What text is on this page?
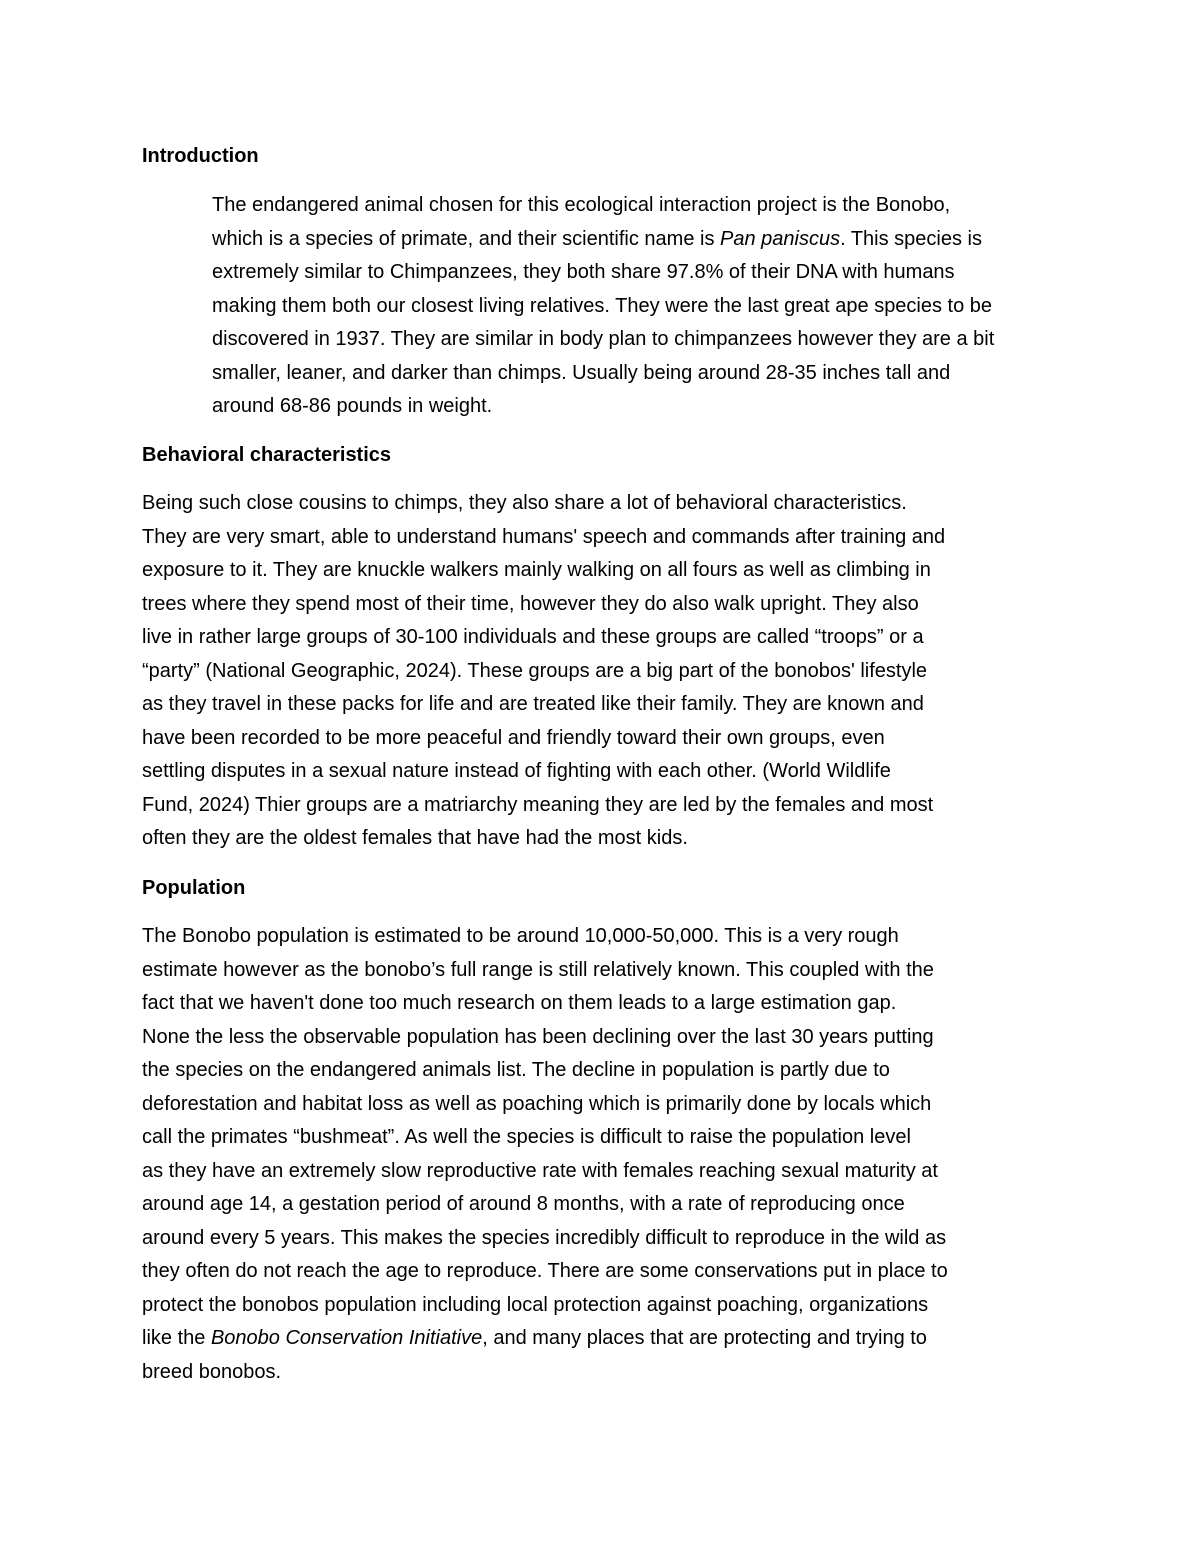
Introduction
The endangered animal chosen for this ecological interaction project is the Bonobo,
which is a species of primate, and their scientific name is Pan paniscus. This species is
extremely similar to Chimpanzees, they both share 97.8% of their DNA with humans
making them both our closest living relatives. They were the last great ape species to be
discovered in 1937. They are similar in body plan to chimpanzees however they are a bit
smaller, leaner, and darker than chimps. Usually being around 28-35 inches tall and
around 68-86 pounds in weight.
Behavioral characteristics
Being such close cousins to chimps, they also share a lot of behavioral characteristics.
They are very smart, able to understand humans' speech and commands after training and
exposure to it. They are knuckle walkers mainly walking on all fours as well as climbing in
trees where they spend most of their time, however they do also walk upright. They also
live in rather large groups of 30-100 individuals and these groups are called “troops” or a
“party” (National Geographic, 2024). These groups are a big part of the bonobos' lifestyle
as they travel in these packs for life and are treated like their family. They are known and
have been recorded to be more peaceful and friendly toward their own groups, even
settling disputes in a sexual nature instead of fighting with each other. (World Wildlife
Fund, 2024) Thier groups are a matriarchy meaning they are led by the females and most
often they are the oldest females that have had the most kids.
Population
The Bonobo population is estimated to be around 10,000-50,000. This is a very rough
estimate however as the bonobo’s full range is still relatively known. This coupled with the
fact that we haven't done too much research on them leads to a large estimation gap.
None the less the observable population has been declining over the last 30 years putting
the species on the endangered animals list. The decline in population is partly due to
deforestation and habitat loss as well as poaching which is primarily done by locals which
call the primates “bushmeat”. As well the species is difficult to raise the population level
as they have an extremely slow reproductive rate with females reaching sexual maturity at
around age 14, a gestation period of around 8 months, with a rate of reproducing once
around every 5 years. This makes the species incredibly difficult to reproduce in the wild as
they often do not reach the age to reproduce. There are some conservations put in place to
protect the bonobos population including local protection against poaching, organizations
like the Bonobo Conservation Initiative, and many places that are protecting and trying to
breed bonobos.
